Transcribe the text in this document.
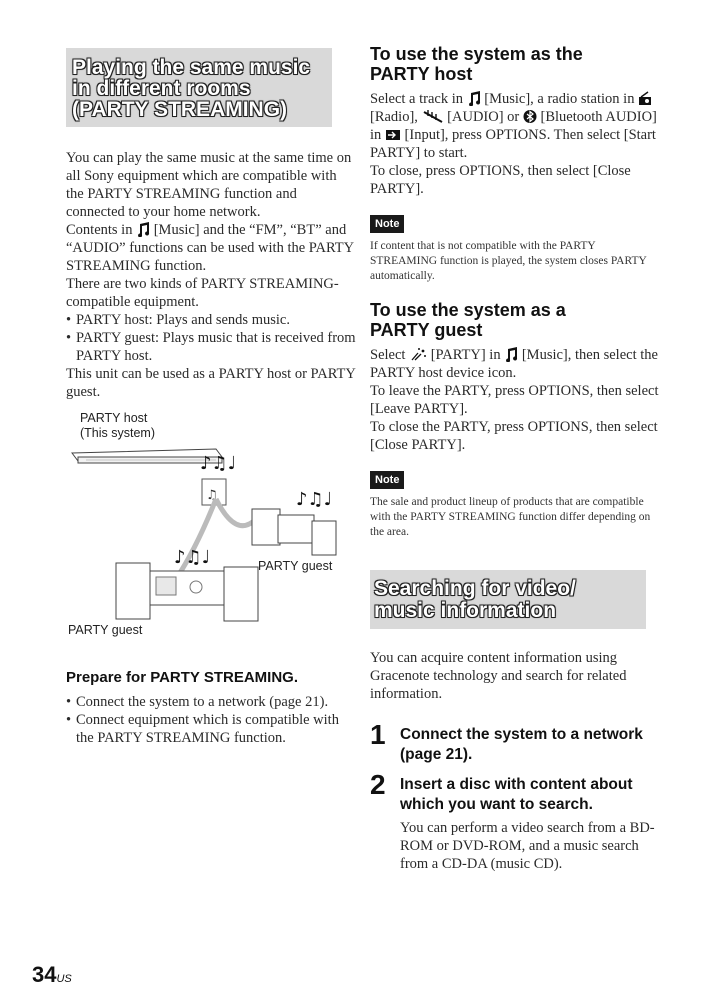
Playing the same music
in different rooms
(PARTY STREAMING)

You can play the same music at the same time on all Sony equipment which are compatible with the PARTY STREAMING function and connected to your home network.

Contents in [Music] and the “FM”, “BT” and “AUDIO” functions can be used with the PARTY STREAMING function.

There are two kinds of PARTY STREAMING-compatible equipment.

• PARTY host: Plays and sends music.
• PARTY guest: Plays music that is received from PARTY host.

This unit can be used as a PARTY host or PARTY guest.

PARTY host
(This system)
♪♫♩
♫	♪♫♩
♪♫♩	PARTY guest
PARTY guest
Prepare for PARTY STREAMING.
• Connect the system to a network (page 21).
• Connect equipment which is compatible with the PARTY STREAMING function.
To use the system as the
PARTY host

Select a track in [Music], a radio station in  [Radio], [AUDIO] or [Bluetooth AUDIO] in [Input], press OPTIONS. Then select [Start PARTY] to start.

To close, press OPTIONS, then select [Close PARTY].

Note

If content that is not compatible with the PARTY STREAMING function is played, the system closes PARTY automatically.

To use the system as a
PARTY guest

Select [PARTY] in [Music], then select the PARTY host device icon.

To leave the PARTY, press OPTIONS, then select [Leave PARTY].

To close the PARTY, press OPTIONS, then select [Close PARTY].

Note

The sale and product lineup of products that are compatible with the PARTY STREAMING function differ depending on the area.

Searching for video/
music information

You can acquire content information using Gracenote technology and search for related information.

1 Connect the system to a network (page 21).
2 Insert a disc with content about which you want to search.

You can perform a video search from a BD-ROM or DVD-ROM, and a music search from a CD-DA (music CD).

34US
